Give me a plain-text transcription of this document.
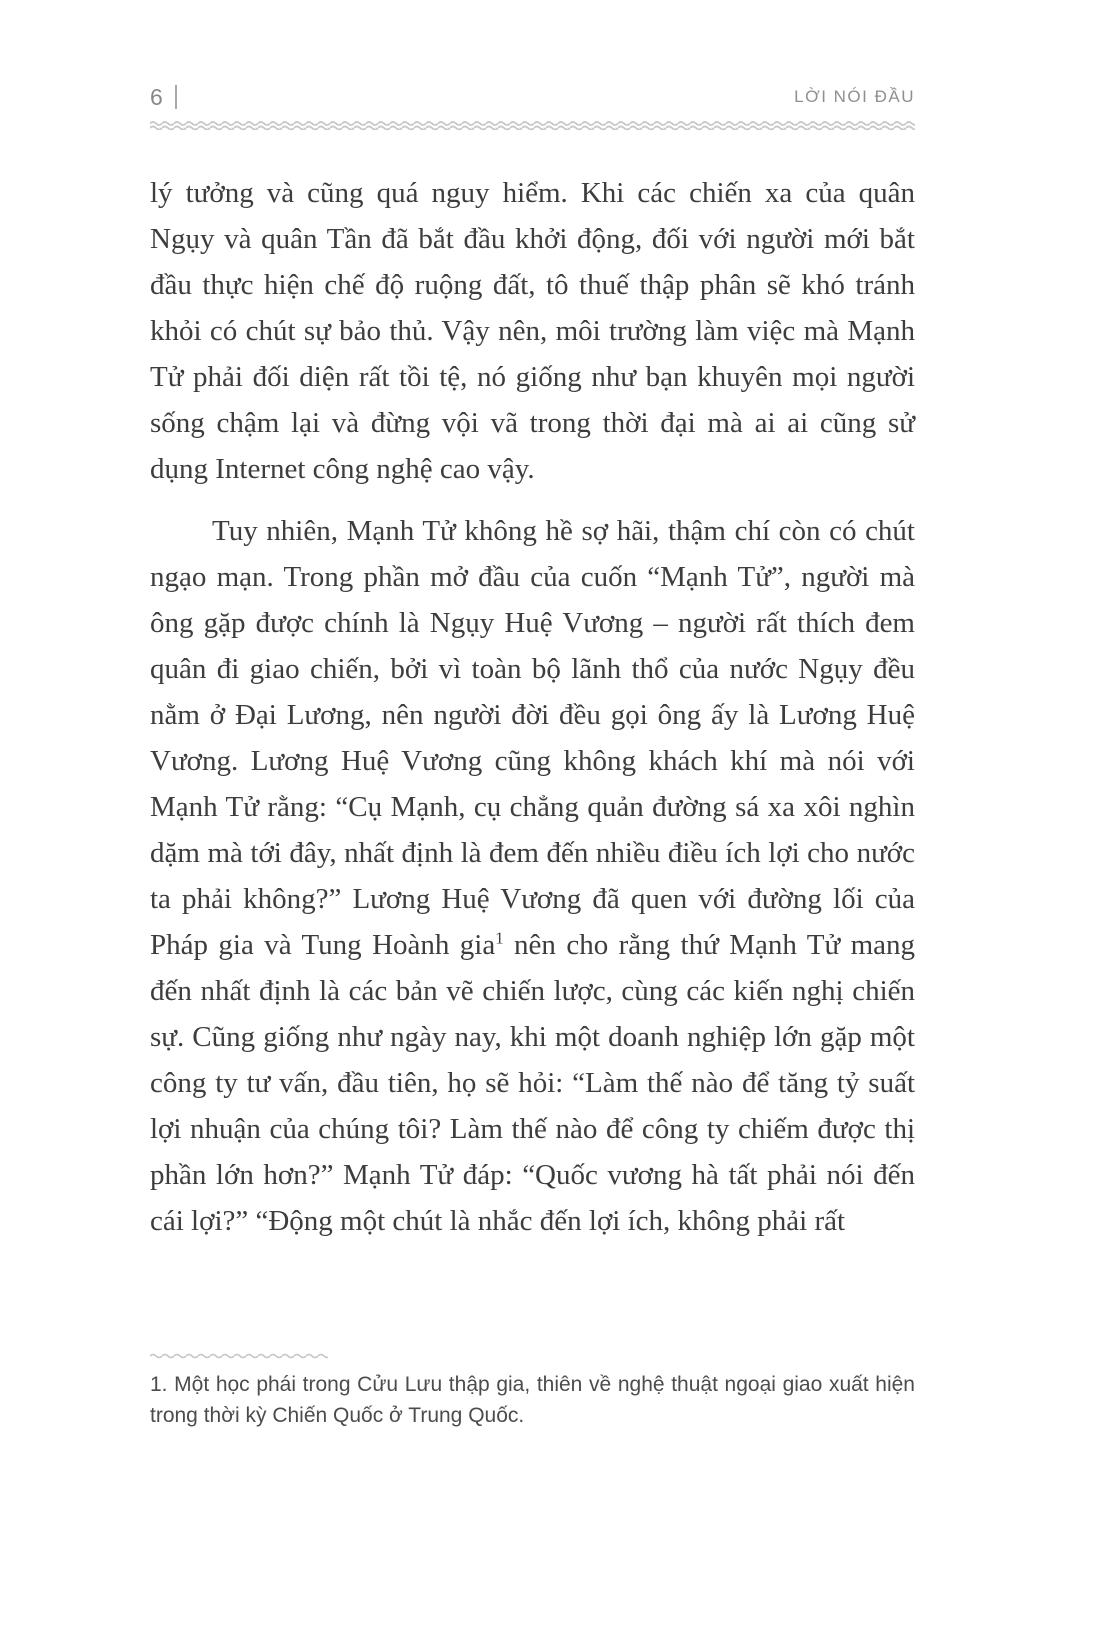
6	LỜI NÓI ĐẦU

lý tưởng và cũng quá nguy hiểm. Khi các chiến xa của quân Ngụy và quân Tần đã bắt đầu khởi động, đối với người mới bắt đầu thực hiện chế độ ruộng đất, tô thuế thập phân sẽ khó tránh khỏi có chút sự bảo thủ. Vậy nên, môi trường làm việc mà Mạnh Tử phải đối diện rất tồi tệ, nó giống như bạn khuyên mọi người sống chậm lại và đừng vội vã trong thời đại mà ai ai cũng sử dụng Internet công nghệ cao vậy.

Tuy nhiên, Mạnh Tử không hề sợ hãi, thậm chí còn có chút ngạo mạn. Trong phần mở đầu của cuốn “Mạnh Tử”, người mà ông gặp được chính là Ngụy Huệ Vương – người rất thích đem quân đi giao chiến, bởi vì toàn bộ lãnh thổ của nước Ngụy đều nằm ở Đại Lương, nên người đời đều gọi ông ấy là Lương Huệ Vương. Lương Huệ Vương cũng không khách khí mà nói với Mạnh Tử rằng: “Cụ Mạnh, cụ chẳng quản đường sá xa xôi nghìn dặm mà tới đây, nhất định là đem đến nhiều điều ích lợi cho nước ta phải không?” Lương Huệ Vương đã quen với đường lối của Pháp gia và Tung Hoành gia$^1$ nên cho rằng thứ Mạnh Tử mang đến nhất định là các bản vẽ chiến lược, cùng các kiến nghị chiến sự. Cũng giống như ngày nay, khi một doanh nghiệp lớn gặp một công ty tư vấn, đầu tiên, họ sẽ hỏi: “Làm thế nào để tăng tỷ suất lợi nhuận của chúng tôi? Làm thế nào để công ty chiếm được thị phần lớn hơn?” Mạnh Tử đáp: “Quốc vương hà tất phải nói đến cái lợi?” “Động một chút là nhắc đến lợi ích, không phải rất

1. Một học phái trong Cửu Lưu thập gia, thiên về nghệ thuật ngoại giao xuất hiện trong thời kỳ Chiến Quốc ở Trung Quốc.
